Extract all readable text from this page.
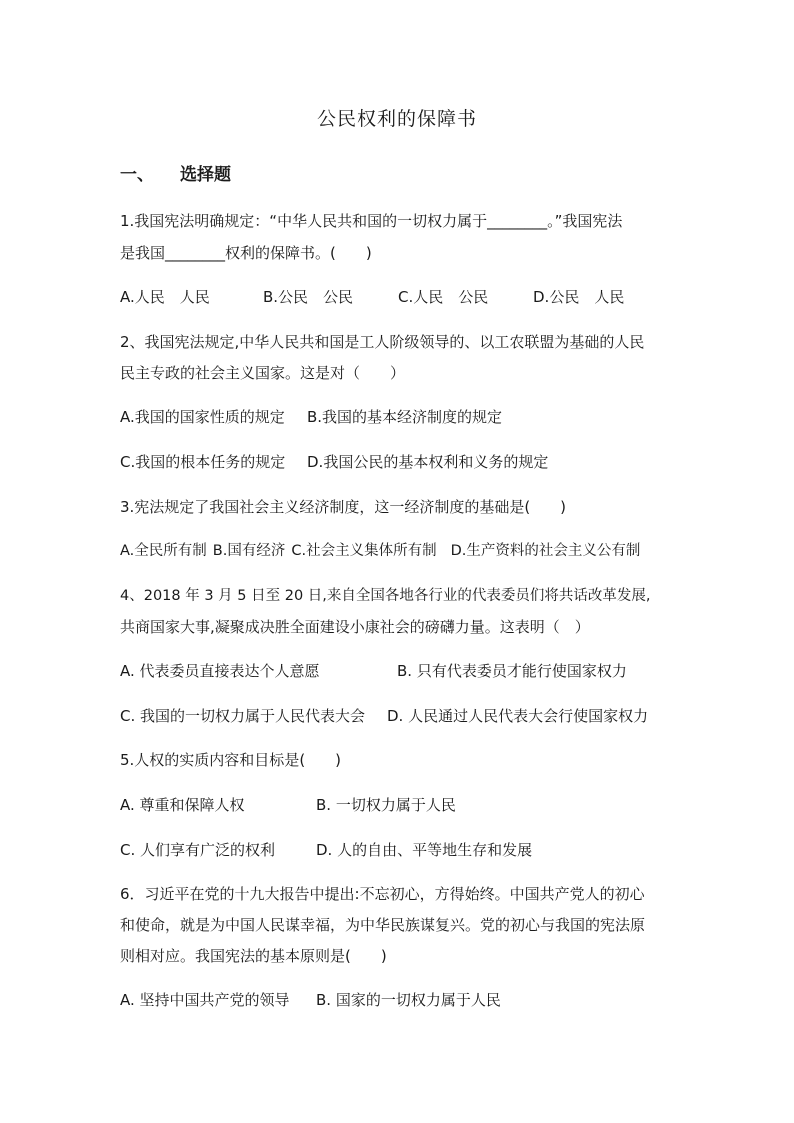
公民权利的保障书
一、 选择题
1.我国宪法明确规定：“中华人民共和国的一切权力属于________。”我国宪法
是我国________权利的保障书。(　　)
A.人民　人民	B.公民　公民	C.人民　公民	D.公民　人民
2、我国宪法规定,中华人民共和国是工人阶级领导的、以工农联盟为基础的人民
民主专政的社会主义国家。这是对（　　）
A.我国的国家性质的规定 B.我国的基本经济制度的规定
C.我国的根本任务的规定 D.我国公民的基本权利和义务的规定
3.宪法规定了我国社会主义经济制度，这一经济制度的基础是(　　)
A.全民所有制 B.国有经济 C.社会主义集体所有制 D.生产资料的社会主义公有制
4、2018 年 3 月 5 日至 20 日,来自全国各地各行业的代表委员们将共话改革发展,
共商国家大事,凝聚成决胜全面建设小康社会的磅礴力量。这表明（　）
A. 代表委员直接表达个人意愿	B. 只有代表委员才能行使国家权力
C. 我国的一切权力属于人民代表大会 D. 人民通过人民代表大会行使国家权力
5.人权的实质内容和目标是(　　)
A. 尊重和保障人权	B. 一切权力属于人民
C. 人们享有广泛的权利	D. 人的自由、平等地生存和发展
6．习近平在党的十九大报告中提出:不忘初心，方得始终。中国共产党人的初心
和使命，就是为中国人民谋幸福，为中华民族谋复兴。党的初心与我国的宪法原
则相对应。我国宪法的基本原则是(　　)
A. 坚持中国共产党的领导 B. 国家的一切权力属于人民
